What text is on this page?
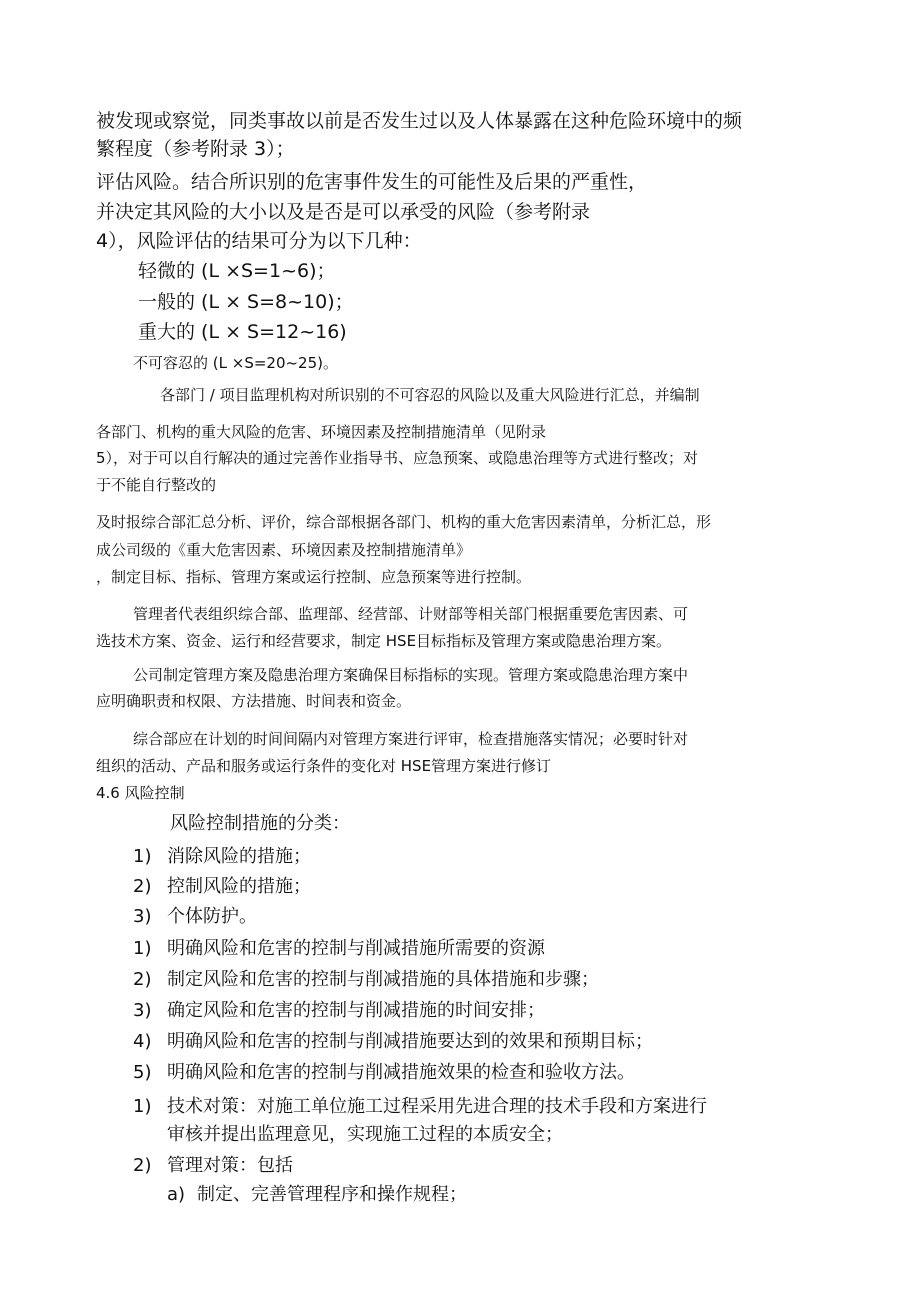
被发现或察觉，同类事故以前是否发生过以及人体暴露在这种危险环境中的频
繁程度（参考附录 3）；
评估风险。结合所识别的危害事件发生的可能性及后果的严重性，
并决定其风险的大小以及是否是可以承受的风险（参考附录
4），风险评估的结果可分为以下几种：
轻微的 (L ×S=1~6)；
一般的 (L × S=8~10)；
重大的 (L × S=12~16)
不可容忍的 (L ×S=20~25)。
各部门 / 项目监理机构对所识别的不可容忍的风险以及重大风险进行汇总，并编制
各部门、机构的重大风险的危害、环境因素及控制措施清单（见附录
5），对于可以自行解决的通过完善作业指导书、应急预案、或隐患治理等方式进行整改；对
于不能自行整改的
及时报综合部汇总分析、评价，综合部根据各部门、机构的重大危害因素清单，分析汇总，形
成公司级的《重大危害因素、环境因素及控制措施清单》
，制定目标、指标、管理方案或运行控制、应急预案等进行控制。
管理者代表组织综合部、监理部、经营部、计财部等相关部门根据重要危害因素、可
选技术方案、资金、运行和经营要求，制定 HSE目标指标及管理方案或隐患治理方案。
公司制定管理方案及隐患治理方案确保目标指标的实现。管理方案或隐患治理方案中
应明确职责和权限、方法措施、时间表和资金。
综合部应在计划的时间间隔内对管理方案进行评审，检查措施落实情况；必要时针对
组织的活动、产品和服务或运行条件的变化对 HSE管理方案进行修订
4.6 风险控制
风险控制措施的分类：
1) 消除风险的措施；
2) 控制风险的措施；
3) 个体防护。
1) 明确风险和危害的控制与削减措施所需要的资源
2) 制定风险和危害的控制与削减措施的具体措施和步骤；
3) 确定风险和危害的控制与削减措施的时间安排；
4) 明确风险和危害的控制与削减措施要达到的效果和预期目标；
5) 明确风险和危害的控制与削减措施效果的检查和验收方法。
1) 技术对策：对施工单位施工过程采用先进合理的技术手段和方案进行
审核并提出监理意见，实现施工过程的本质安全；
2) 管理对策：包括
a) 制定、完善管理程序和操作规程；
